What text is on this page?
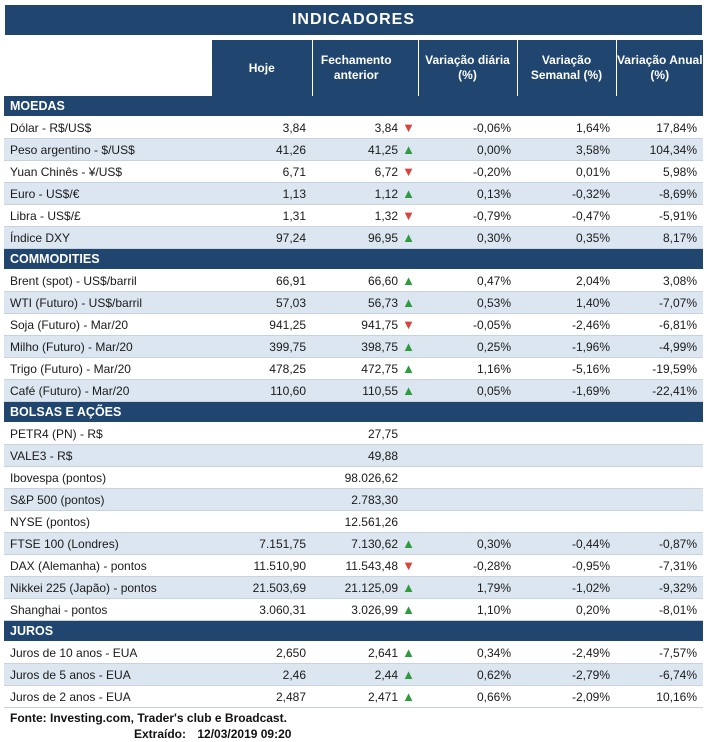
INDICADORES
	Hoje	Fechamento anterior		Variação diária (%)	Variação Semanal (%)	Variação Anual (%)
MOEDAS						
Dólar - R$/US$	3,84	3,84	▼	-0,06%	1,64%	17,84%
Peso argentino - $/US$	41,26	41,25	▲	0,00%	3,58%	104,34%
Yuan Chinês - ¥/US$	6,71	6,72	▼	-0,20%	0,01%	5,98%
Euro - US$/€	1,13	1,12	▲	0,13%	-0,32%	-8,69%
Libra - US$/£	1,31	1,32	▼	-0,79%	-0,47%	-5,91%
Índice DXY	97,24	96,95	▲	0,30%	0,35%	8,17%
COMMODITIES						
Brent (spot) - US$/barril	66,91	66,60	▲	0,47%	2,04%	3,08%
WTI (Futuro) - US$/barril	57,03	56,73	▲	0,53%	1,40%	-7,07%
Soja (Futuro) - Mar/20	941,25	941,75	▼	-0,05%	-2,46%	-6,81%
Milho (Futuro) - Mar/20	399,75	398,75	▲	0,25%	-1,96%	-4,99%
Trigo (Futuro) - Mar/20	478,25	472,75	▲	1,16%	-5,16%	-19,59%
Café (Futuro) - Mar/20	110,60	110,55	▲	0,05%	-1,69%	-22,41%
BOLSAS E AÇÕES						
PETR4 (PN) - R$		27,75				
VALE3 - R$		49,88				
Ibovespa (pontos)		98.026,62				
S&P 500 (pontos)		2.783,30				
NYSE (pontos)		12.561,26				
FTSE 100 (Londres)	7.151,75	7.130,62	▲	0,30%	-0,44%	-0,87%
DAX (Alemanha) - pontos	11.510,90	11.543,48	▼	-0,28%	-0,95%	-7,31%
Nikkei 225 (Japão) - pontos	21.503,69	21.125,09	▲	1,79%	-1,02%	-9,32%
Shanghai - pontos	3.060,31	3.026,99	▲	1,10%	0,20%	-8,01%
JUROS						
Juros de 10 anos - EUA	2,650	2,641	▲	0,34%	-2,49%	-7,57%
Juros de 5 anos - EUA	2,46	2,44	▲	0,62%	-2,79%	-6,74%
Juros de 2 anos - EUA	2,487	2,471	▲	0,66%	-2,09%	10,16%
Fonte: Investing.com, Trader's club e Broadcast.
Extraído: 12/03/2019 09:20
